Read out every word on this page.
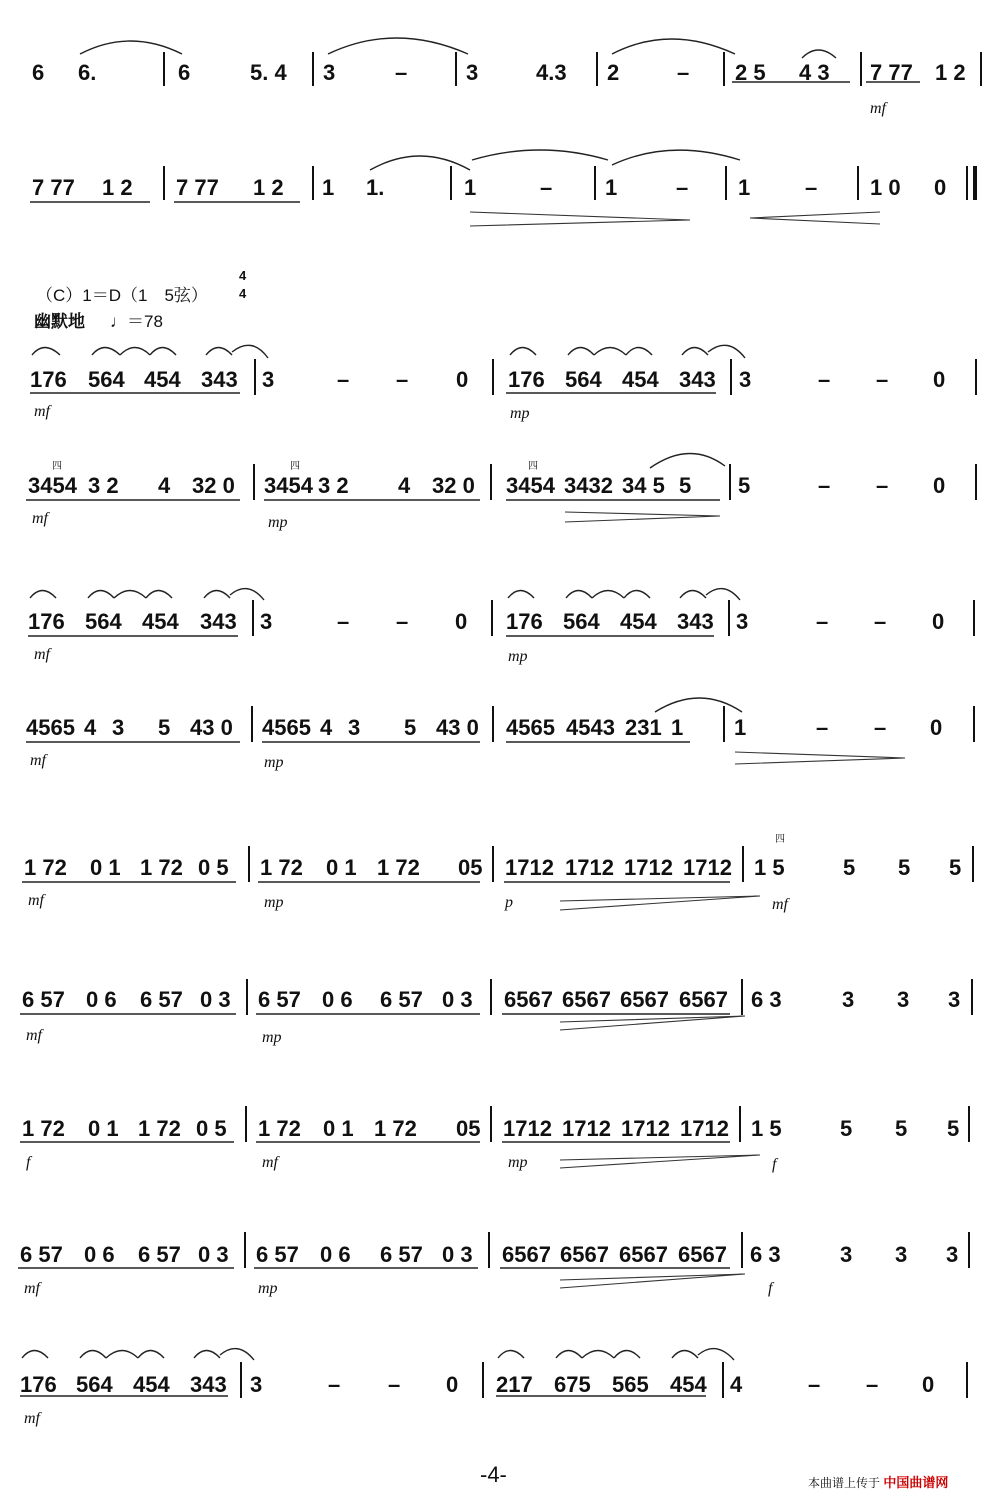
6 6.	6	5. 4 3	–	3	4.3 2	– 2 5 4 3 7 77 1 2
mf
7 77 1 2 7 77 1 2 1 1.	1	– 1	– 1 – 1 0 0
（C）1＝D（1　5弦）
4
4
幽默地 ♩＝78
176 564 454 343 3	– – 0 176 564 454 343 3	– – 0
mf	mp
四	四	四
3454 3 2 4 32 0 3454 3 2 4 32 0 3454 3432 34 5 5 5	– – 0
mf	mp
176 564 454 343 3	– – 0 176 564 454 343 3	– – 0
mf	mp
4565 4 3 5 43 0 4565 4 3 5 43 0 4565 4543 231 1 1	– – 0
mf	mp
四
1 72 0 1 1 72 0 5 1 72 0 1 1 72 05 1712 1712 1712 1712 1 5	5 5 5
mf	mp	p	mf
6 57 0 6 6 57 0 3 6 57 0 6 6 57 0 3 6567 6567 6567 6567 6 3	3 3 3
mf	mp
1 72 0 1 1 72 0 5 1 72 0 1 1 72 05 1712 1712 1712 1712 1 5	5 5 5
f	mf	mp	f
6 57 0 6 6 57 0 3 6 57 0 6 6 57 0 3 6567 6567 6567 6567 6 3	3 3 3
mf	mp	f
176 564 454 343 3	– – 0 217 675 565 454 4	– – 0
mf
-4-	本曲谱上传于 中国曲谱网
